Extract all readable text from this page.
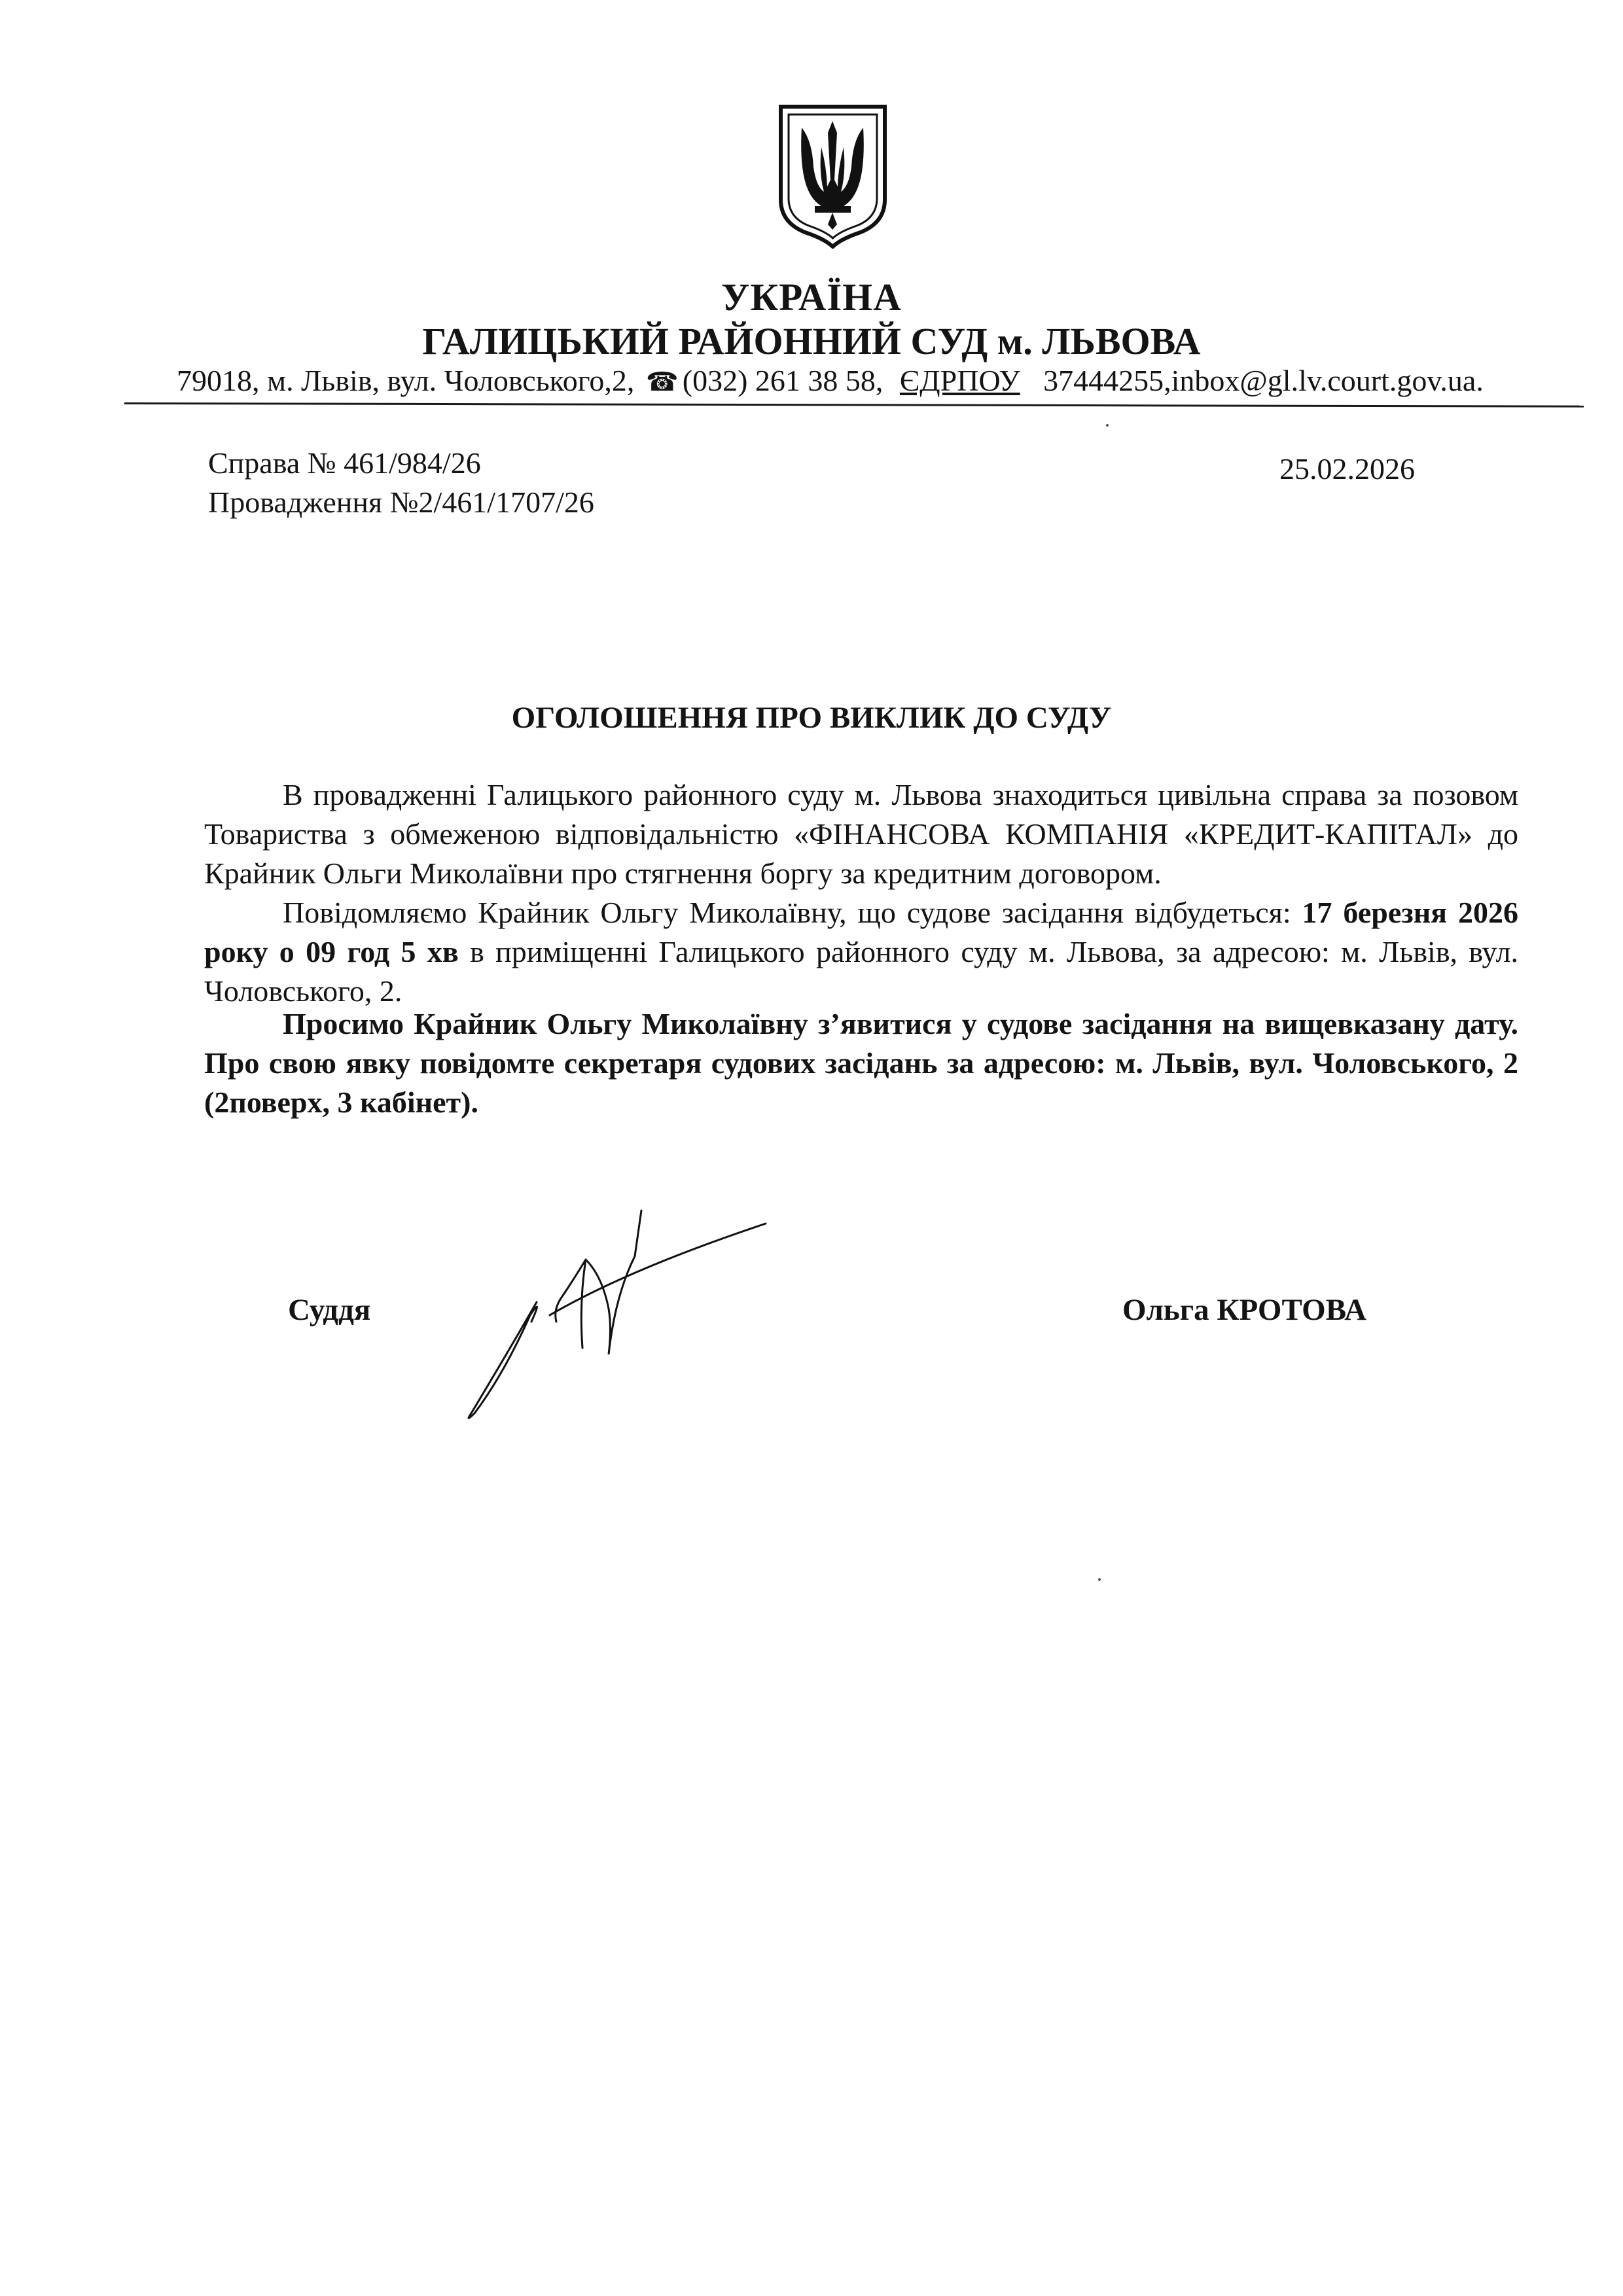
УКРАЇНА
ГАЛИЦЬКИЙ РАЙОННИЙ СУД м. ЛЬВОВА
79018, м. Львів, вул. Чоловського,2, ☎ (032) 261 38 58, ЄДРПОУ 37444255,inbox@gl.lv.court.gov.ua.
Справа № 461/984/26
Провадження №2/461/1707/26
25.02.2026
ОГОЛОШЕННЯ ПРО ВИКЛИК ДО СУДУ
В провадженні Галицького районного суду м. Львова знаходиться цивільна справа за позовом Товариства з обмеженою відповідальністю «ФІНАНСОВА КОМПАНІЯ «КРЕДИТ-КАПІТАЛ» до Крайник Ольги Миколаївни про стягнення боргу за кредитним договором.
Повідомляємо Крайник Ольгу Миколаївну, що судове засідання відбудеться: 17 березня 2026 року о 09 год 5 хв в приміщенні Галицького районного суду м. Львова, за адресою: м. Львів, вул. Чоловського, 2.
Просимо Крайник Ольгу Миколаївну з’явитися у судове засідання на вищевказану дату. Про свою явку повідомте секретаря судових засідань за адресою: м. Львів, вул. Чоловського, 2 (2поверх, 3 кабінет).
Суддя	Ольга КРОТОВА
